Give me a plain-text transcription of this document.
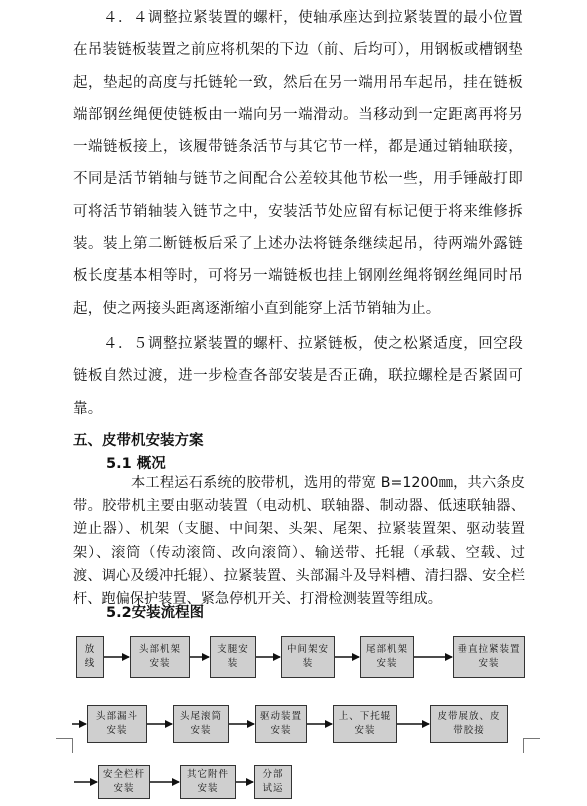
４．４调整拉紧装置的螺杆，使轴承座达到拉紧装置的最小位置在吊装链板装置之前应将机架的下边（前、后均可），用钢板或槽钢垫起，垫起的高度与托链轮一致，然后在另一端用吊车起吊，挂在链板端部钢丝绳便使链板由一端向另一端滑动。当移动到一定距离再将另一端链板接上，该履带链条活节与其它节一样，都是通过销轴联接，不同是活节销轴与链节之间配合公差较其他节松一些，用手锤敲打即可将活节销轴装入链节之中，安装活节处应留有标记便于将来维修拆装。装上第二断链板后采了上述办法将链条继续起吊，待两端外露链板长度基本相等时，可将另一端链板也挂上钢刚丝绳将钢丝绳同时吊起，使之两接头距离逐渐缩小直到能穿上活节销轴为止。
４．５调整拉紧装置的螺杆、拉紧链板，使之松紧适度，回空段链板自然过渡，进一步检查各部安装是否正确，联拉螺栓是否紧固可靠。
五、皮带机安装方案
5.1 概况
本工程运石系统的胶带机，选用的带宽 B=1200㎜，共六条皮带。胶带机主要由驱动装置（电动机、联轴器、制动器、低速联轴器、逆止器）、机架（支腿、中间架、头架、尾架、拉紧装置架、驱动装置架）、滚筒（传动滚筒、改向滚筒）、输送带、托辊（承载、空载、过渡、调心及缓冲托辊）、拉紧装置、头部漏斗及导料槽、清扫器、安全栏杆、跑偏保护装置、紧急停机开关、打滑检测装置等组成。
5.2安装流程图
放线
头部机架安装
支腿安装
中间架安装
尾部机架安装
垂直拉紧装置安装
头部漏斗安装
头尾滚筒安装
驱动装置安装
上、下托辊安装
皮带展放、皮带胶接
安全栏杆安装
其它附件安装
分部试运
